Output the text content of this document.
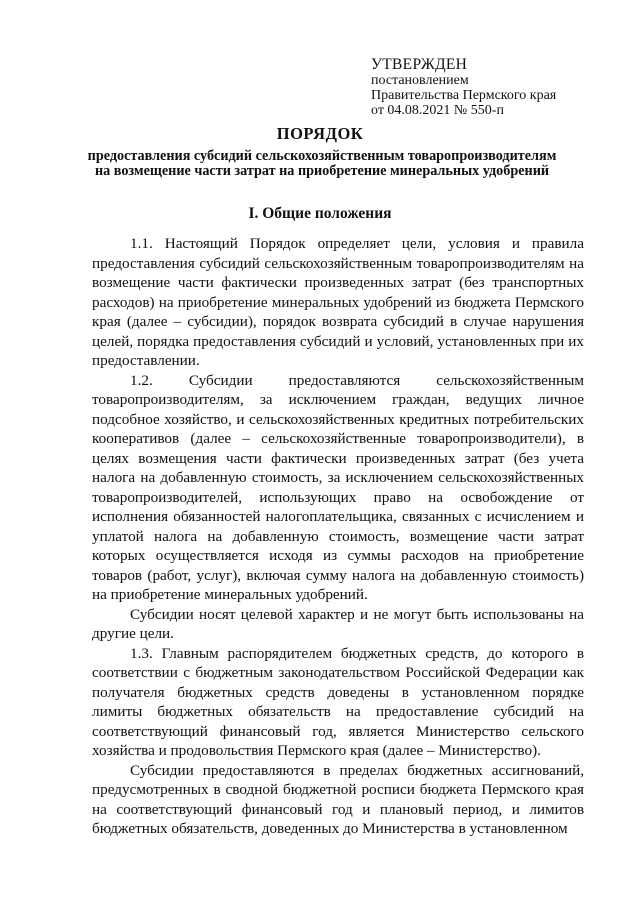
УТВЕРЖДЕН
постановлением
Правительства Пермского края
от 04.08.2021 № 550-п
ПОРЯДОК
предоставления субсидий сельскохозяйственным товаропроизводителям на возмещение части затрат на приобретение минеральных удобрений
I. Общие положения

1.1. Настоящий Порядок определяет цели, условия и правила предоставления субсидий сельскохозяйственным товаропроизводителям на возмещение части фактически произведенных затрат (без транспортных расходов) на приобретение минеральных удобрений из бюджета Пермского края (далее – субсидии), порядок возврата субсидий в случае нарушения целей, порядка предоставления субсидий и условий, установленных при их предоставлении.

1.2. Субсидии предоставляются сельскохозяйственным товаропроизводителям, за исключением граждан, ведущих личное подсобное хозяйство, и сельскохозяйственных кредитных потребительских кооперативов (далее – сельскохозяйственные товаропроизводители), в целях возмещения части фактически произведенных затрат (без учета налога на добавленную стоимость, за исключением сельскохозяйственных товаропроизводителей, использующих право на освобождение от исполнения обязанностей налогоплательщика, связанных с исчислением и уплатой налога на добавленную стоимость, возмещение части затрат которых осуществляется исходя из суммы расходов на приобретение товаров (работ, услуг), включая сумму налога на добавленную стоимость) на приобретение минеральных удобрений.

Субсидии носят целевой характер и не могут быть использованы на другие цели.

1.3. Главным распорядителем бюджетных средств, до которого в соответствии с бюджетным законодательством Российской Федерации как получателя бюджетных средств доведены в установленном порядке лимиты бюджетных обязательств на предоставление субсидий на соответствующий финансовый год, является Министерство сельского хозяйства и продовольствия Пермского края (далее – Министерство).

Субсидии предоставляются в пределах бюджетных ассигнований, предусмотренных в сводной бюджетной росписи бюджета Пермского края на соответствующий финансовый год и плановый период, и лимитов бюджетных обязательств, доведенных до Министерства в установленном
